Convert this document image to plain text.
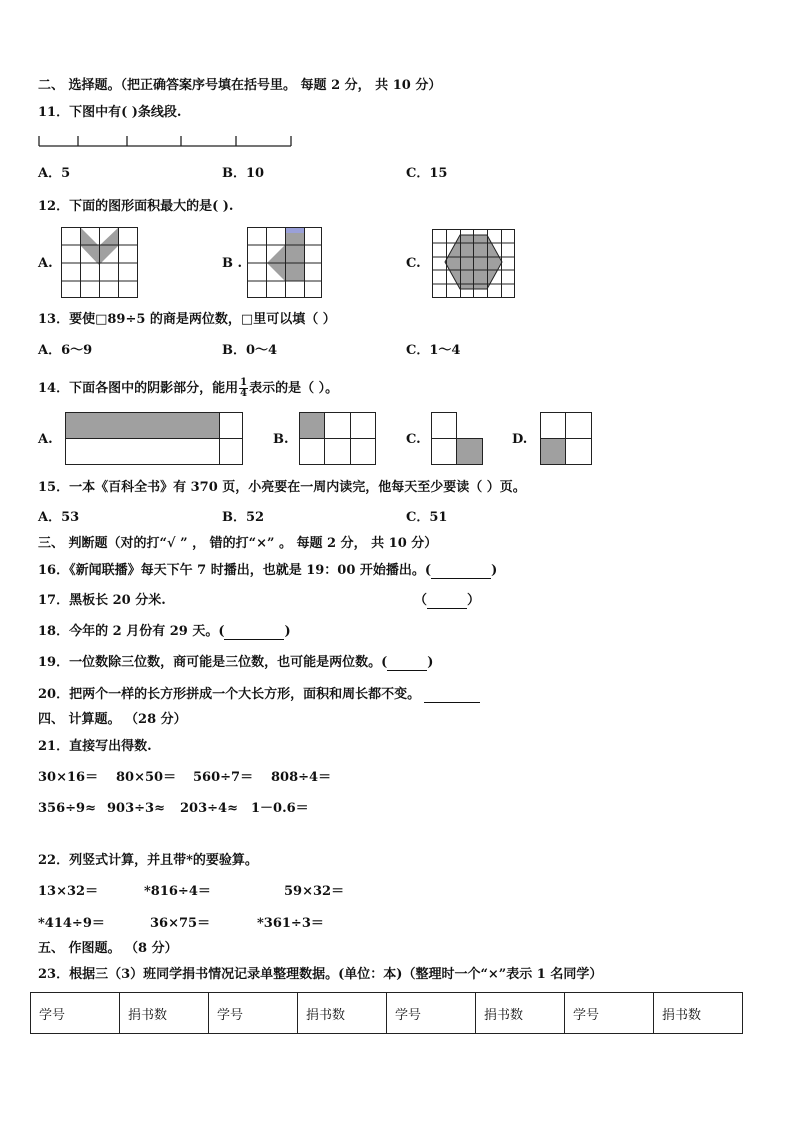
二、 选择题。（把正确答案序号填在括号里。 每题 2 分， 共 10 分）
11．下图中有( )条线段.
A．5	B．10	C．15
12．下面的图形面积最大的是( ).
A.	B .	C.
13．要使□89÷5 的商是两位数，□里可以填（ ）
A．6～9	B．0～4	C．1～4
14．下面各图中的阴影部分，能用 $\frac{1}{4}$ 表示的是（ ）。
A.	B.	C.	D.
15．一本《百科全书》有 370 页，小亮要在一周内读完，他每天至少要读（ ）页。
A．53	B．52	C．51
三、 判断题（对的打“√ ” ， 错的打“×” 。 每题 2 分， 共 10 分）
16．《新闻联播》每天下午 7 时播出，也就是 19：00 开始播出。(	)
17．黑板长 20 分米.	（	）
18．今年的 2 月份有 29 天。(	)
19．一位数除三位数，商可能是三位数，也可能是两位数。(	)
20．把两个一样的长方形拼成一个大长方形，面积和周长都不变。
四、 计算题。 （28 分）
21．直接写出得数.
30×16＝ 80×50＝ 560÷7＝ 808÷4＝
356÷9≈ 903÷3≈ 203÷4≈ 1－0.6＝
22．列竖式计算，并且带*的要验算。
13×32＝	*816÷4＝	59×32＝
*414÷9＝	36×75＝	*361÷3＝
五、 作图题。 （8 分）
23．根据三（3）班同学捐书情况记录单整理数据。(单位：本)（整理时一个“×”表示 1 名同学）
学号	捐书数	学号	捐书数	学号	捐书数	学号	捐书数
